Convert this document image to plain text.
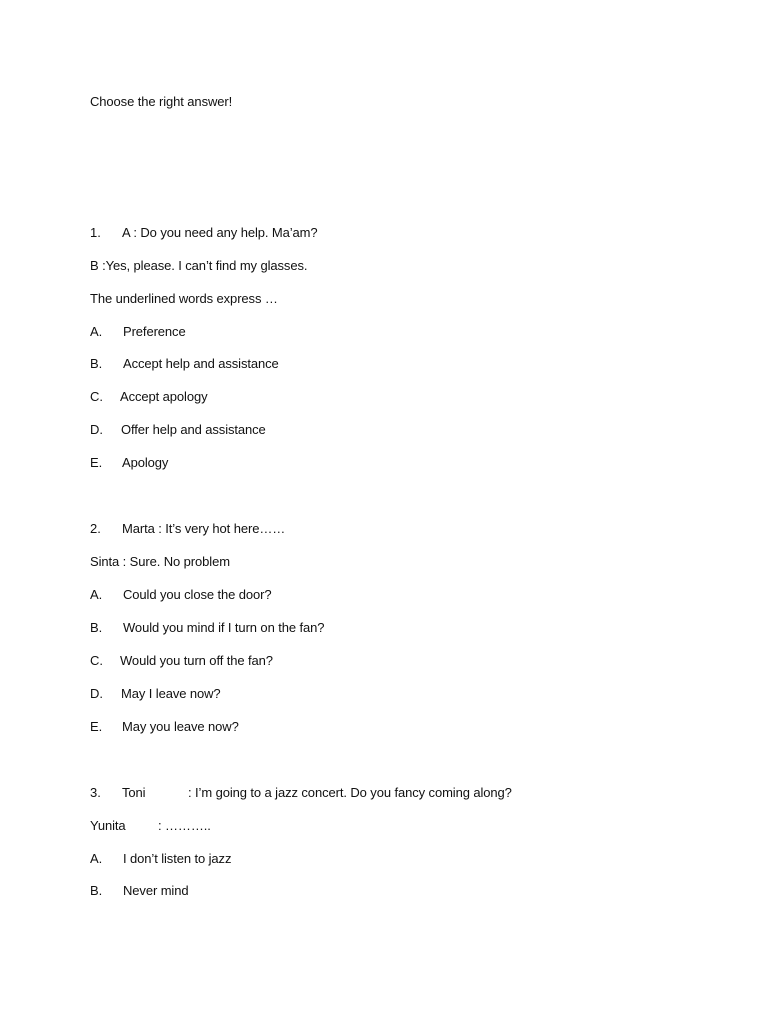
Choose the right answer!
1. A : Do you need any help. Ma’am?
B :Yes, please. I can’t find my glasses.
The underlined words express …
A. Preference
B. Accept help and assistance
C. Accept apology
D. Offer help and assistance
E. Apology
2. Marta : It’s very hot here……
Sinta : Sure. No problem
A. Could you close the door?
B. Would you mind if I turn on the fan?
C. Would you turn off the fan?
D. May I leave now?
E. May you leave now?
3. Toni	: I’m going to a jazz concert. Do you fancy coming along?
Yunita : ………..
A. I don’t listen to jazz
B. Never mind
